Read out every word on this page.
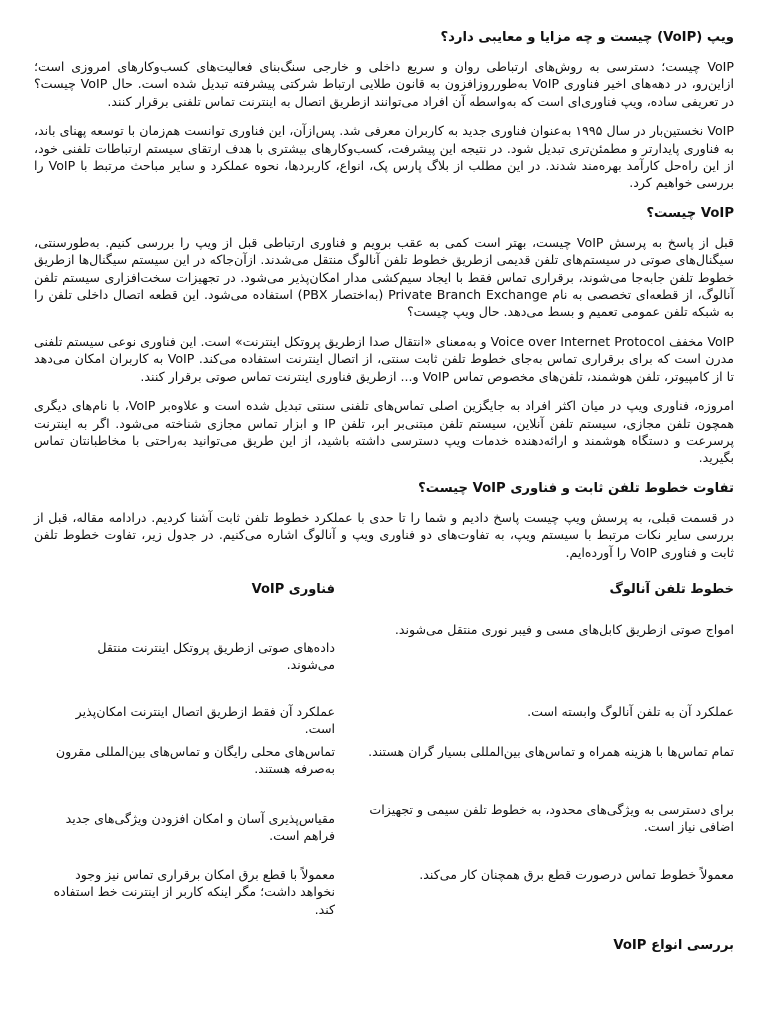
ویپ (VoIP) چیست و چه مزایا و معایبی دارد؟

VoIP چیست؛ دسترسی به روش‌های ارتباطی روان و سریع داخلی و خارجی سنگ‌بنای فعالیت‌های کسب‌وکارهای امروزی است؛ ازاین‌رو، در دهه‌های اخیر فناوری VoIP به‌طورروزافزون به قانون طلایی ارتباط شرکتی پیشرفته تبدیل شده است. حال VoIP چیست؟ در تعریفی ساده، ویپ فناوری‌ای است که به‌واسطه آن افراد می‌توانند ازطریق اتصال به اینترنت تماس تلفنی برقرار کنند.

VoIP نخستین‌بار در سال ۱۹۹۵ به‌عنوان فناوری جدید به کاربران معرفی شد. پس‌ازآن، این فناوری توانست هم‌زمان با توسعه پهنای باند، به فناوری پایدارتر و مطمئن‌تری تبدیل شود. در نتیجه این پیشرفت، کسب‌وکارهای بیشتری با هدف ارتقای سیستم ارتباطات تلفنی خود، از این راه‌حل کارآمد بهره‌مند شدند. در این مطلب از بلاگ پارس پک، انواع، کاربردها، نحوه عملکرد و سایر مباحث مرتبط با VoIP را بررسی خواهیم کرد.

VoIP چیست؟

قبل از پاسخ به پرسش VoIP چیست، بهتر است کمی به عقب برویم و فناوری ارتباطی قبل از ویپ را بررسی کنیم. به‌طورسنتی، سیگنال‌های صوتی در سیستم‌های تلفن قدیمی ازطریق خطوط تلفن آنالوگ منتقل می‌شدند. ازآن‌جاکه در این سیستم سیگنال‌ها ازطریق خطوط تلفن جابه‌جا می‌شوند، برقراری تماس فقط با ایجاد سیم‌کشی مدار امکان‌پذیر می‌شود. در تجهیزات سخت‌افزاری سیستم تلفن آنالوگ، از قطعه‌ای تخصصی به نام Private Branch Exchange (به‌اختصار PBX) استفاده می‌شود. این قطعه اتصال داخلی تلفن را به شبکه تلفن عمومی تعمیم و بسط می‌دهد. حال ویپ چیست؟

VoIP مخفف Voice over Internet Protocol و به‌معنای «انتقال صدا ازطریق پروتکل اینترنت» است. این فناوری نوعی سیستم تلفنی مدرن است که برای برقراری تماس به‌جای خطوط تلفن ثابت سنتی، از اتصال اینترنت استفاده می‌کند. VoIP به کاربران امکان می‌دهد تا از کامپیوتر، تلفن هوشمند، تلفن‌های مخصوص تماس VoIP و... ازطریق فناوری اینترنت تماس صوتی برقرار کنند.

امروزه، فناوری ویپ در میان اکثر افراد به جایگزین اصلی تماس‌های تلفنی سنتی تبدیل شده است و علاوه‌بر VoIP، با نام‌های دیگری همچون تلفن مجازی، سیستم تلفن آنلاین، سیستم تلفن مبتنی‌بر ابر، تلفن IP و ابزار تماس مجازی شناخته می‌شود. اگر به اینترنت پرسرعت و دستگاه هوشمند و ارائه‌دهنده خدمات ویپ دسترسی داشته باشید، از این طریق می‌توانید به‌راحتی با مخاطبانتان تماس بگیرید.

تفاوت خطوط تلفن ثابت و فناوری VoIP چیست؟

در قسمت قبلی، به پرسش ویپ چیست پاسخ دادیم و شما را تا حدی با عملکرد خطوط تلفن ثابت آشنا کردیم. درادامه مقاله، قبل از بررسی سایر نکات مرتبط با سیستم ویپ، به تفاوت‌های دو فناوری ویپ و آنالوگ اشاره می‌کنیم. در جدول زیر، تفاوت خطوط تلفن ثابت و فناوری VoIP را آورده‌ایم.

خطوط تلفن آنالوگ	فناوری VoIP
امواج صوتی ازطریق کابل‌های مسی و فیبر نوری منتقل می‌شوند.	داده‌های صوتی ازطریق پروتکل اینترنت منتقل می‌شوند.
عملکرد آن به تلفن آنالوگ وابسته است.	عملکرد آن فقط ازطریق اتصال اینترنت امکان‌پذیر است.
تمام تماس‌ها با هزینه همراه و تماس‌های بین‌المللی بسیار گران هستند.	تماس‌های محلی رایگان و تماس‌های بین‌المللی مقرون به‌صرفه هستند.
برای دسترسی به ویژگی‌های محدود، به خطوط تلفن سیمی و تجهیزات اضافی نیاز است.	مقیاس‌پذیری آسان و امکان افزودن ویژگی‌های جدید فراهم است.
معمولاً خطوط تماس درصورت قطع برق همچنان کار می‌کند.	معمولاً با قطع برق امکان برقراری تماس نیز وجود نخواهد داشت؛ مگر اینکه کاربر از اینترنت خط استفاده کند.
بررسی انواع VoIP
